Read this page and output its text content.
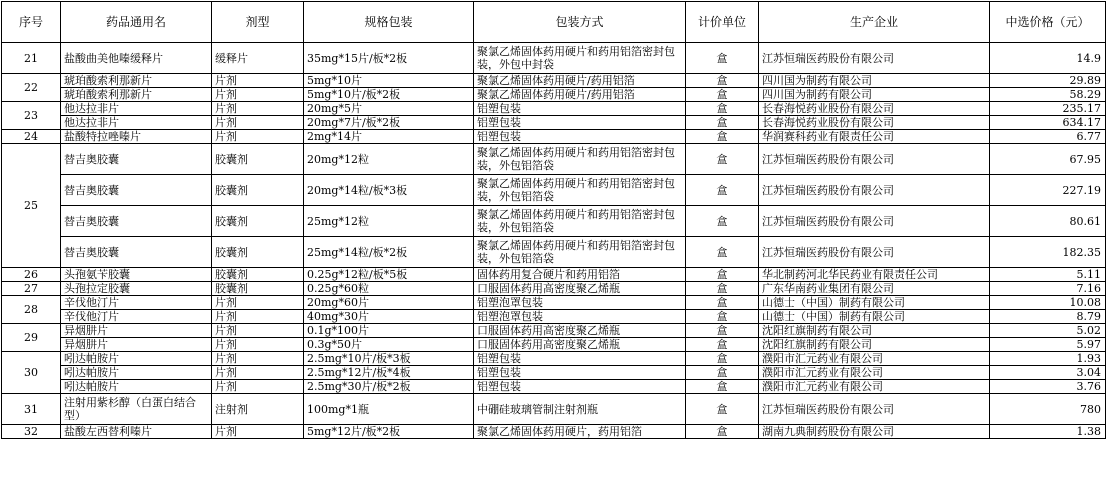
序号	药品通用名	剂型	规格包装	包装方式	计价单位	生产企业	中选价格（元）
21	盐酸曲美他嗪缓释片	缓释片	35mg*15片/板*2板	聚氯乙烯固体药用硬片和药用铝箔密封包装，外包中封袋	盒	江苏恒瑞医药股份有限公司	14.9
22	琥珀酸索利那新片	片剂	5mg*10片	聚氯乙烯固体药用硬片/药用铝箔	盒	四川国为制药有限公司	29.89
	琥珀酸索利那新片	片剂	5mg*10片/板*2板	聚氯乙烯固体药用硬片/药用铝箔	盒	四川国为制药有限公司	58.29
23	他达拉非片	片剂	20mg*5片	铝塑包装	盒	长春海悦药业股份有限公司	235.17
	他达拉非片	片剂	20mg*7片/板*2板	铝塑包装	盒	长春海悦药业股份有限公司	634.17
24	盐酸特拉唑嗪片	片剂	2mg*14片	铝塑包装	盒	华润赛科药业有限责任公司	6.77
25	替吉奥胶囊	胶囊剂	20mg*12粒	聚氯乙烯固体药用硬片和药用铝箔密封包装，外包铝箔袋	盒	江苏恒瑞医药股份有限公司	67.95
	替吉奥胶囊	胶囊剂	20mg*14粒/板*3板	聚氯乙烯固体药用硬片和药用铝箔密封包装，外包铝箔袋	盒	江苏恒瑞医药股份有限公司	227.19
	替吉奥胶囊	胶囊剂	25mg*12粒	聚氯乙烯固体药用硬片和药用铝箔密封包装，外包铝箔袋	盒	江苏恒瑞医药股份有限公司	80.61
	替吉奥胶囊	胶囊剂	25mg*14粒/板*2板	聚氯乙烯固体药用硬片和药用铝箔密封包装，外包铝箔袋	盒	江苏恒瑞医药股份有限公司	182.35
26	头孢氨苄胶囊	胶囊剂	0.25g*12粒/板*5板	固体药用复合硬片和药用铝箔	盒	华北制药河北华民药业有限责任公司	5.11
27	头孢拉定胶囊	胶囊剂	0.25g*60粒	口服固体药用高密度聚乙烯瓶	盒	广东华南药业集团有限公司	7.16
28	辛伐他汀片	片剂	20mg*60片	铝塑泡罩包装	盒	山德士（中国）制药有限公司	10.08
	辛伐他汀片	片剂	40mg*30片	铝塑泡罩包装	盒	山德士（中国）制药有限公司	8.79
29	异烟肼片	片剂	0.1g*100片	口服固体药用高密度聚乙烯瓶	盒	沈阳红旗制药有限公司	5.02
	异烟肼片	片剂	0.3g*50片	口服固体药用高密度聚乙烯瓶	盒	沈阳红旗制药有限公司	5.97
30	吲达帕胺片	片剂	2.5mg*10片/板*3板	铝塑包装	盒	濮阳市汇元药业有限公司	1.93
	吲达帕胺片	片剂	2.5mg*12片/板*4板	铝塑包装	盒	濮阳市汇元药业有限公司	3.04
	吲达帕胺片	片剂	2.5mg*30片/板*2板	铝塑包装	盒	濮阳市汇元药业有限公司	3.76
31	注射用紫杉醇（白蛋白结合型）	注射剂	100mg*1瓶	中硼硅玻璃管制注射剂瓶	盒	江苏恒瑞医药股份有限公司	780
32	盐酸左西替利嗪片	片剂	5mg*12片/板*2板	聚氯乙烯固体药用硬片，药用铝箔	盒	湖南九典制药股份有限公司	1.38
